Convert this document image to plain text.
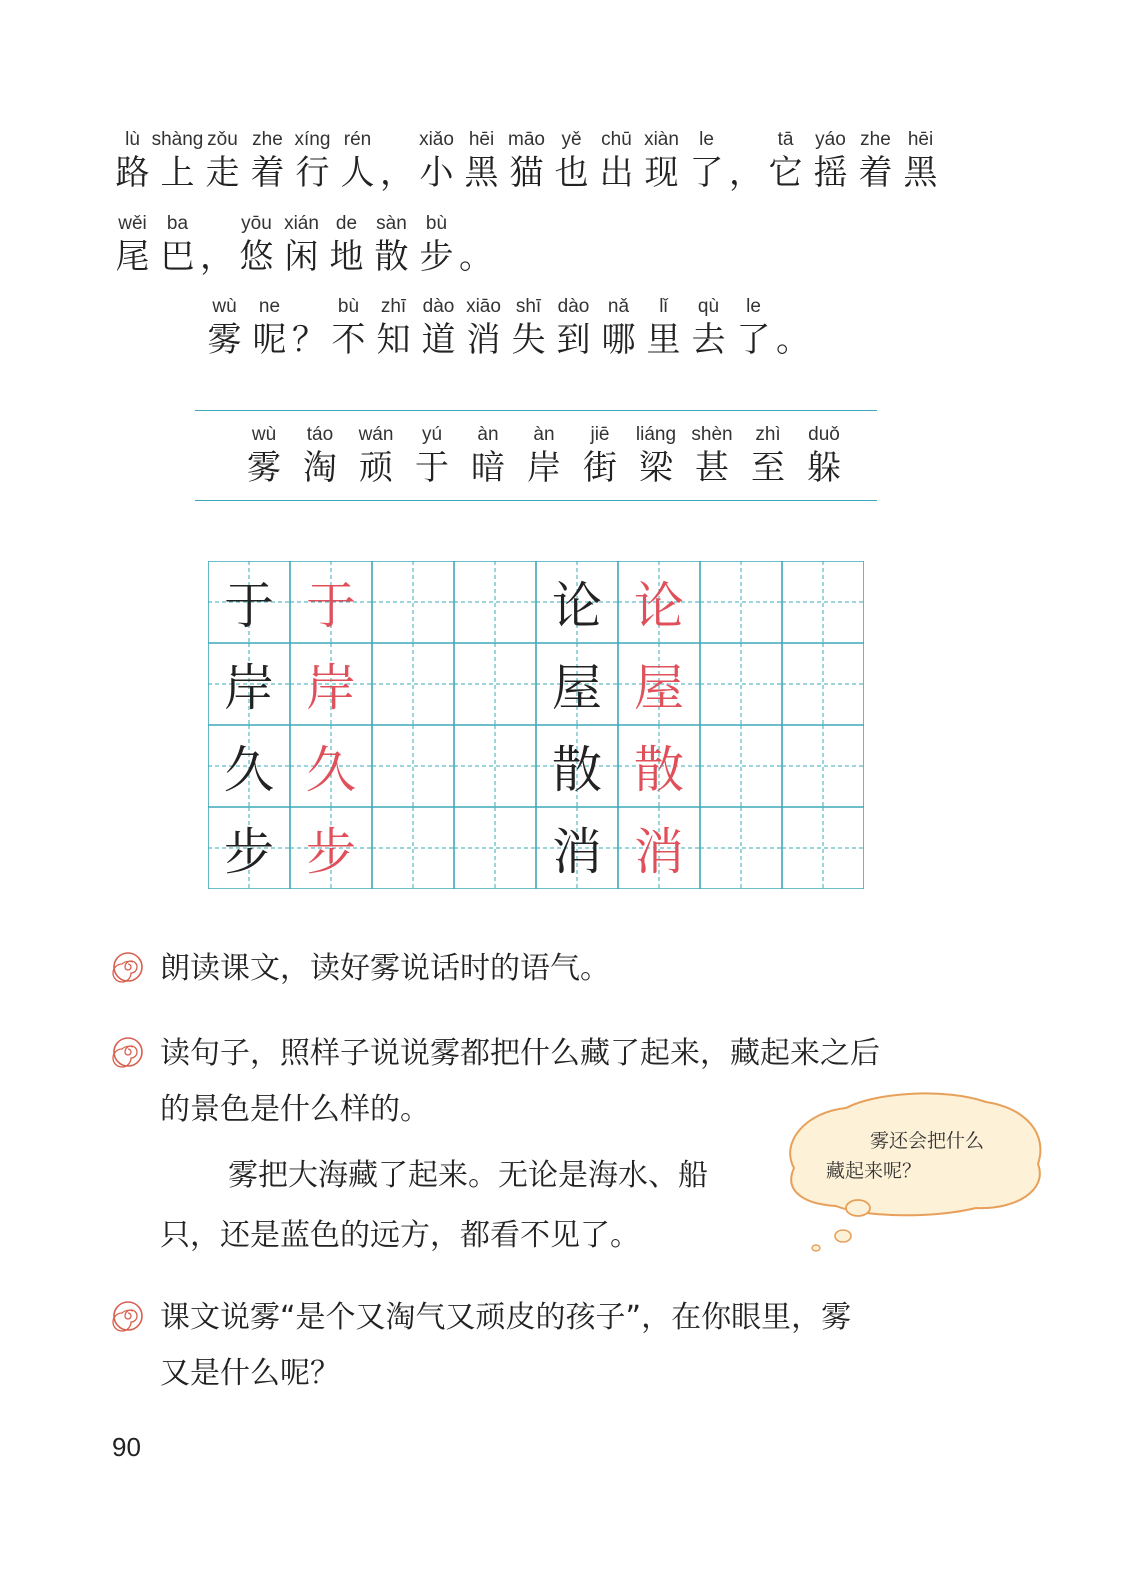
lù
路
shàng
上
zǒu
走
zhe
着
xíng
行
rén
人 ，
xiǎo
小
hēi
黑
māo
猫
yě
也
chū
出
xiàn
现
le
了 ，
tā
它
yáo
摇
zhe
着
hēi
黑
wěi
尾
ba
巴 ，
yōu
悠
xián
闲
de
地
sàn
散
bù
步 。
wù
雾
ne
呢 ？
bù
不
zhī
知
dào
道
xiāo
消
shī
失
dào
到
nǎ
哪
lǐ
里
qù
去
le
了 。
wù
雾
táo
淘
wán
顽
yú
于
àn
暗
àn
岸
jiē
街
liáng
梁
shèn
甚
zhì
至
duǒ
躲
于 于	论 论
岸 岸	屋 屋
久 久	散 散
步 步	消 消
朗读课文，读好雾说话时的语气。
读句子，照样子说说雾都把什么藏了起来，藏起来之后
的景色是什么样的。
雾把大海藏了起来。无论是海水、船
只，还是蓝色的远方，都看不见了。
雾还会把什么
藏起来呢？
课文说雾“是个又淘气又顽皮的孩子”，在你眼里，雾
又是什么呢？
90
